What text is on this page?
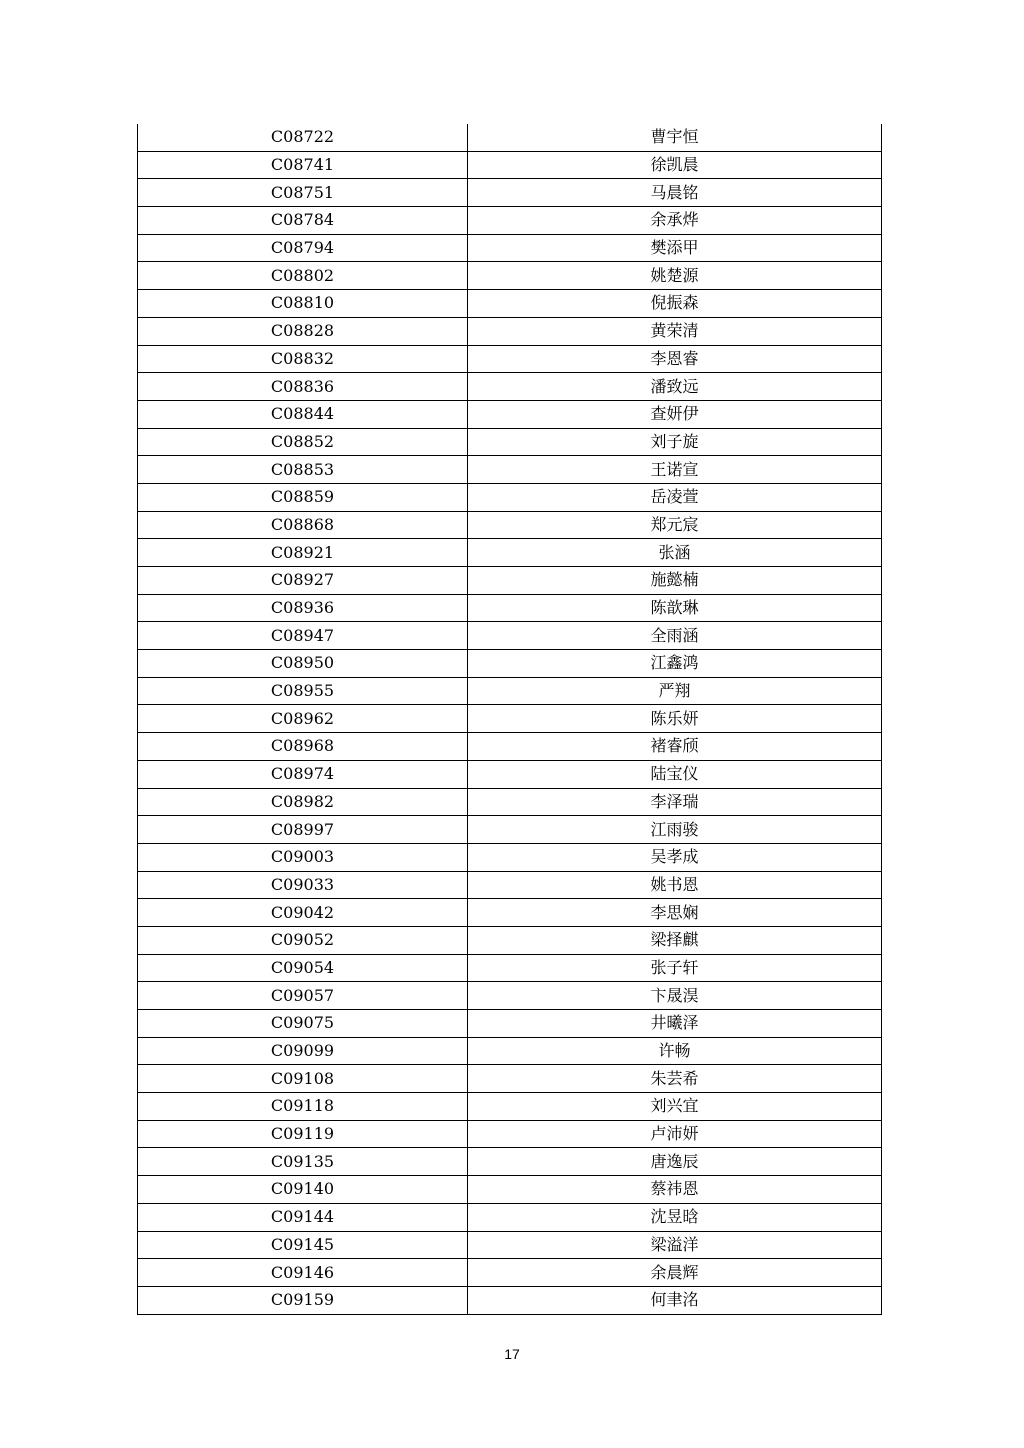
C08722	曹宇恒
C08741	徐凯晨
C08751	马晨铭
C08784	余承烨
C08794	樊添甲
C08802	姚楚源
C08810	倪振森
C08828	黄荣清
C08832	李恩睿
C08836	潘致远
C08844	查妍伊
C08852	刘子旋
C08853	王诺宣
C08859	岳凌萱
C08868	郑元宸
C08921	张涵
C08927	施懿楠
C08936	陈歆琳
C08947	全雨涵
C08950	江鑫鸿
C08955	严翔
C08962	陈乐妍
C08968	褚睿颀
C08974	陆宝仪
C08982	李泽瑞
C08997	江雨骏
C09003	吴孝成
C09033	姚书恩
C09042	李思娴
C09052	梁择麒
C09054	张子轩
C09057	卞晟淏
C09075	井曦泽
C09099	许畅
C09108	朱芸希
C09118	刘兴宜
C09119	卢沛妍
C09135	唐逸辰
C09140	蔡祎恩
C09144	沈昱晗
C09145	梁溢洋
C09146	余晨辉
C09159	何聿洺
17
